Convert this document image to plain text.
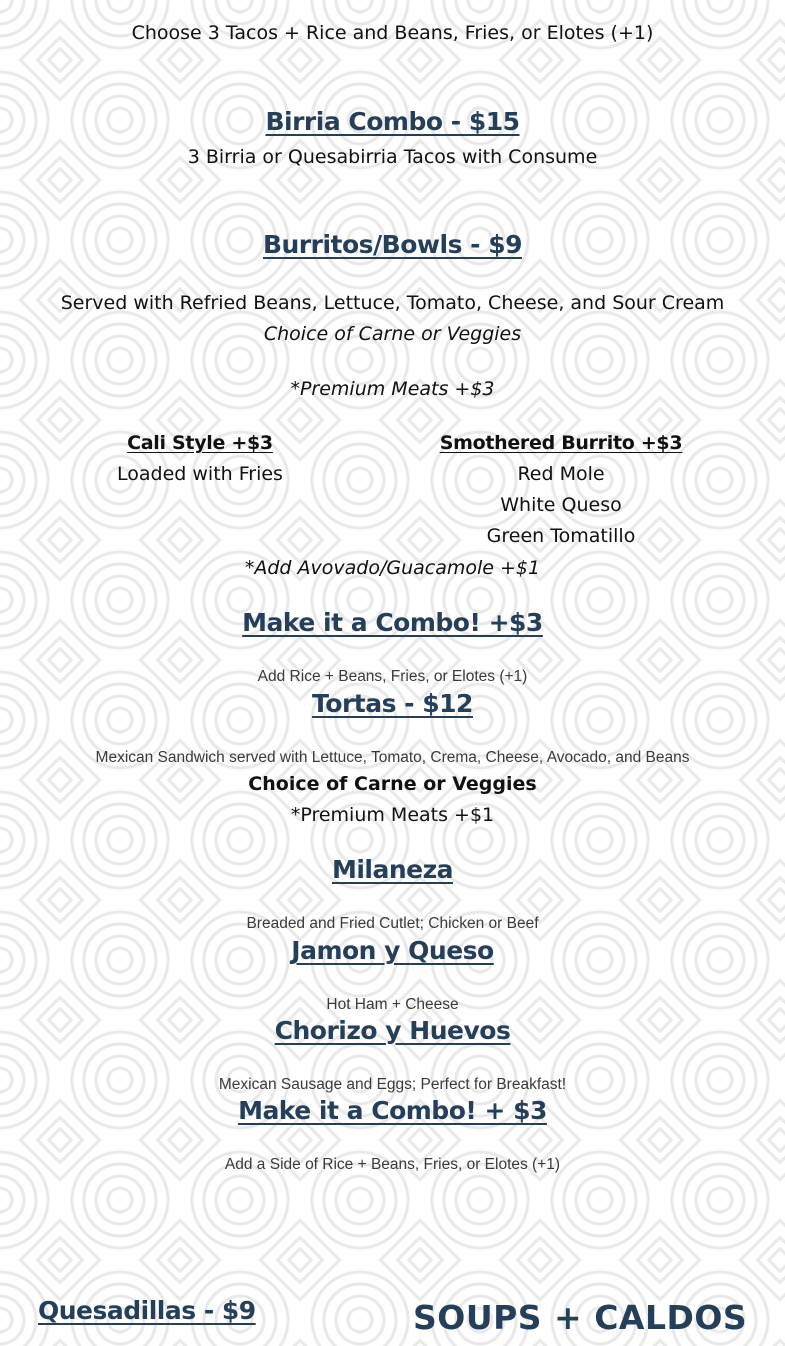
Choose 3 Tacos + Rice and Beans, Fries, or Elotes (+1)
Birria Combo - $15
3 Birria or Quesabirria Tacos with Consume
Burritos/Bowls - $9
Served with Refried Beans, Lettuce, Tomato, Cheese, and Sour Cream
Choice of Carne or Veggies
*Premium Meats +$3
Cali Style +$3
Loaded with Fries
Smothered Burrito +$3
Red Mole
White Queso
Green Tomatillo
*Add Avovado/Guacamole +$1
Make it a Combo! +$3
Add Rice + Beans, Fries, or Elotes (+1)
Tortas - $12
Mexican Sandwich served with Lettuce, Tomato, Crema, Cheese, Avocado, and Beans
Choice of Carne or Veggies
*Premium Meats +$1
Milaneza
Breaded and Fried Cutlet; Chicken or Beef
Jamon y Queso
Hot Ham + Cheese
Chorizo y Huevos
Mexican Sausage and Eggs; Perfect for Breakfast!
Make it a Combo! + $3
Add a Side of Rice + Beans, Fries, or Elotes (+1)
Quesadillas - $9	SOUPS + CALDOS
